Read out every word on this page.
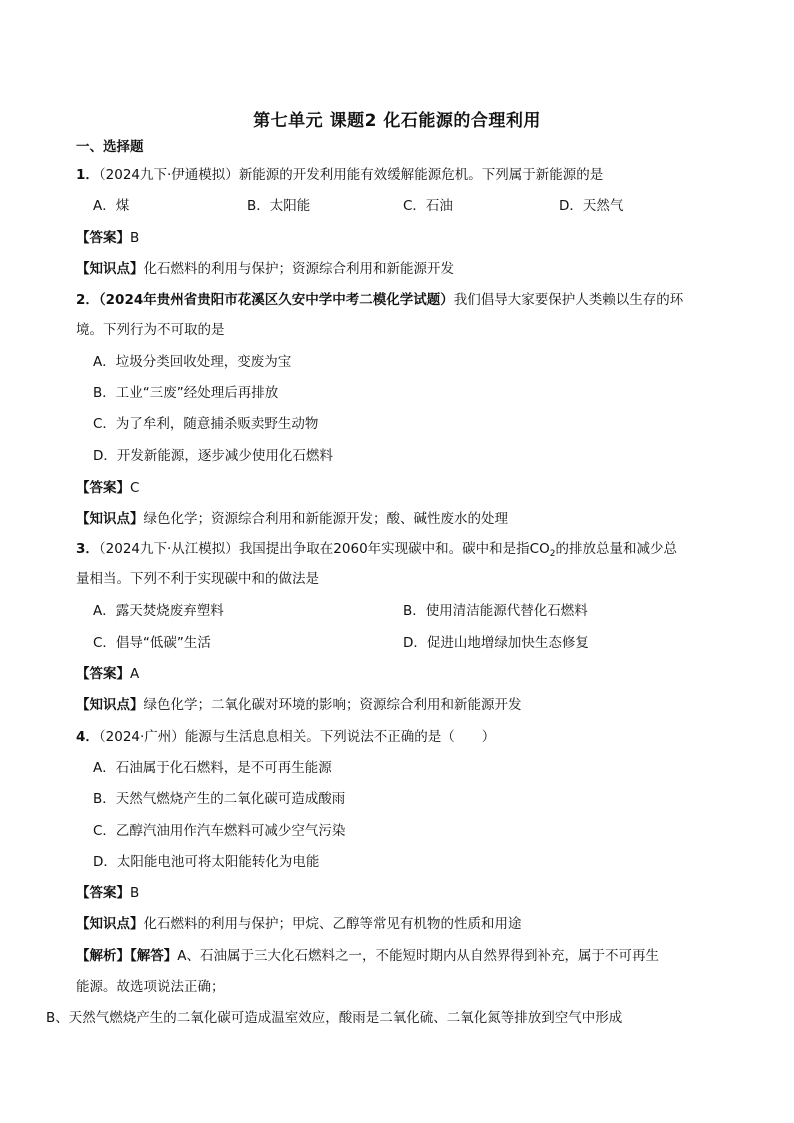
第七单元 课题2 化石能源的合理利用
一、选择题
1．（2024九下·伊通模拟）新能源的开发利用能有效缓解能源危机。下列属于新能源的是
A．煤	B．太阳能	C．石油	D．天然气
【答案】B
【知识点】化石燃料的利用与保护；资源综合利用和新能源开发
2．（2024年贵州省贵阳市花溪区久安中学中考二模化学试题）我们倡导大家要保护人类赖以生存的环
境。下列行为不可取的是
A．垃圾分类回收处理，变废为宝
B．工业“三废”经处理后再排放
C．为了牟利，随意捕杀贩卖野生动物
D．开发新能源，逐步减少使用化石燃料
【答案】C
【知识点】绿色化学；资源综合利用和新能源开发；酸、碱性废水的处理
3．（2024九下·从江模拟）我国提出争取在2060年实现碳中和。碳中和是指$CO_2$的排放总量和减少总
量相当。下列不利于实现碳中和的做法是
A．露天焚烧废弃塑料	B．使用清洁能源代替化石燃料
C．倡导“低碳”生活	D．促进山地增绿加快生态修复
【答案】A
【知识点】绿色化学；二氧化碳对环境的影响；资源综合利用和新能源开发
4．（2024·广州）能源与生活息息相关。下列说法不正确的是（　　）
A．石油属于化石燃料，是不可再生能源
B．天然气燃烧产生的二氧化碳可造成酸雨
C．乙醇汽油用作汽车燃料可减少空气污染
D．太阳能电池可将太阳能转化为电能
【答案】B
【知识点】化石燃料的利用与保护；甲烷、乙醇等常见有机物的性质和用途
【解析】【解答】A、石油属于三大化石燃料之一，不能短时期内从自然界得到补充，属于不可再生
能源。故选项说法正确；
B、天然气燃烧产生的二氧化碳可造成温室效应，酸雨是二氧化硫、二氧化氮等排放到空气中形成
